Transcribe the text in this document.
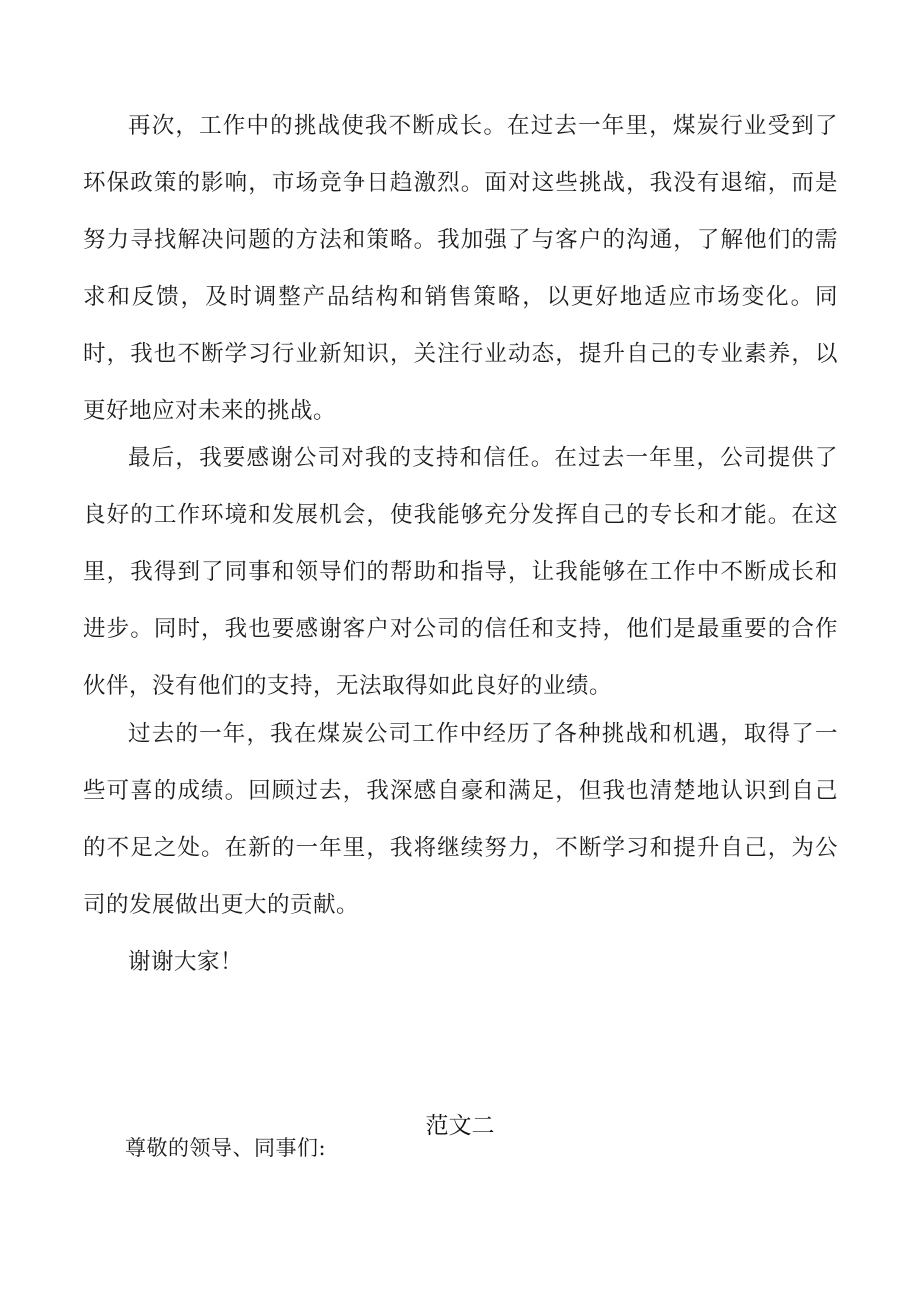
再次，工作中的挑战使我不断成长。在过去一年里，煤炭行业受到了环保政策的影响，市场竞争日趋激烈。面对这些挑战，我没有退缩，而是努力寻找解决问题的方法和策略。我加强了与客户的沟通，了解他们的需求和反馈，及时调整产品结构和销售策略，以更好地适应市场变化。同时，我也不断学习行业新知识，关注行业动态，提升自己的专业素养，以更好地应对未来的挑战。

最后，我要感谢公司对我的支持和信任。在过去一年里，公司提供了良好的工作环境和发展机会，使我能够充分发挥自己的专长和才能。在这里，我得到了同事和领导们的帮助和指导，让我能够在工作中不断成长和进步。同时，我也要感谢客户对公司的信任和支持，他们是最重要的合作伙伴，没有他们的支持，无法取得如此良好的业绩。

过去的一年，我在煤炭公司工作中经历了各种挑战和机遇，取得了一些可喜的成绩。回顾过去，我深感自豪和满足，但我也清楚地认识到自己的不足之处。在新的一年里，我将继续努力，不断学习和提升自己，为公司的发展做出更大的贡献。

谢谢大家！

范文二

尊敬的领导、同事们:
